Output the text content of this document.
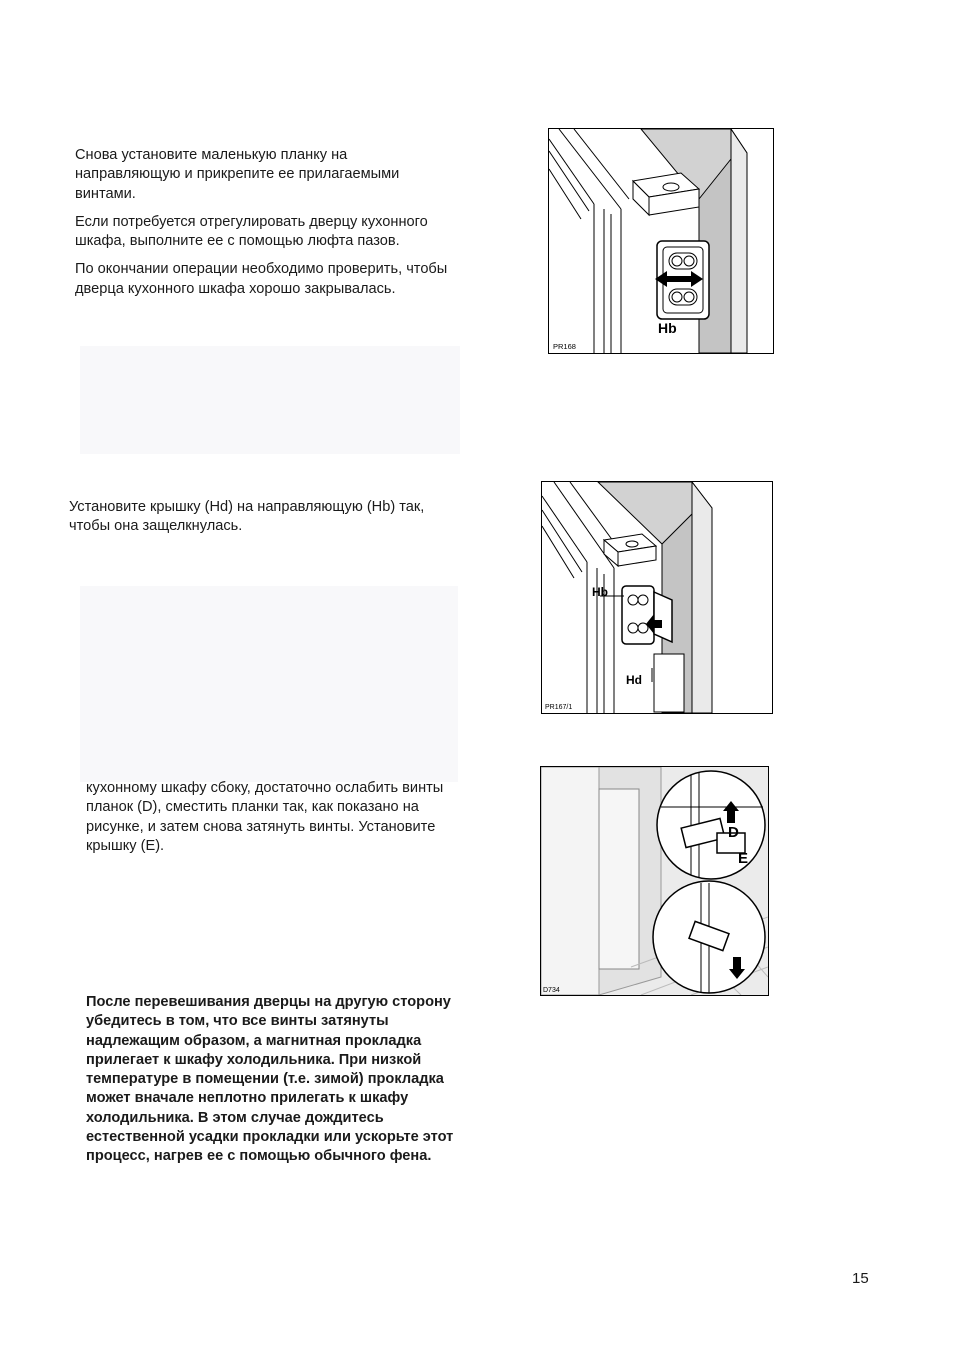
Снова установите маленькую планку на направляющую и прикрепите ее прилагаемыми винтами.

Если потребуется отрегулировать дверцу кухонного шкафа, выполните ее с помощью люфта пазов.

По окончании операции необходимо проверить, чтобы дверца кухонного шкафа хорошо закрывалась.

Установите крышку (Hd) на направляющую (Hb) так, чтобы она защелкнулась.

кухонному шкафу сбоку, достаточно ослабить винты планок (D), сместить планки так, как показано на рисунке, и затем снова затянуть винты. Установите крышку (E).

После перевешивания дверцы на другую сторону убедитесь в том, что все винты затянуты надлежащим образом, а магнитная прокладка прилегает к шкафу холодильника. При низкой температуре в помещении (т.е. зимой) прокладка может вначале неплотно прилегать к шкафу холодильника. В этом случае дождитесь естественной усадки прокладки или ускорьте этот процесс, нагрев ее с помощью обычного фена.

Hb
PR168
Hb
Hd
PR167/1
D
E
D734
15
